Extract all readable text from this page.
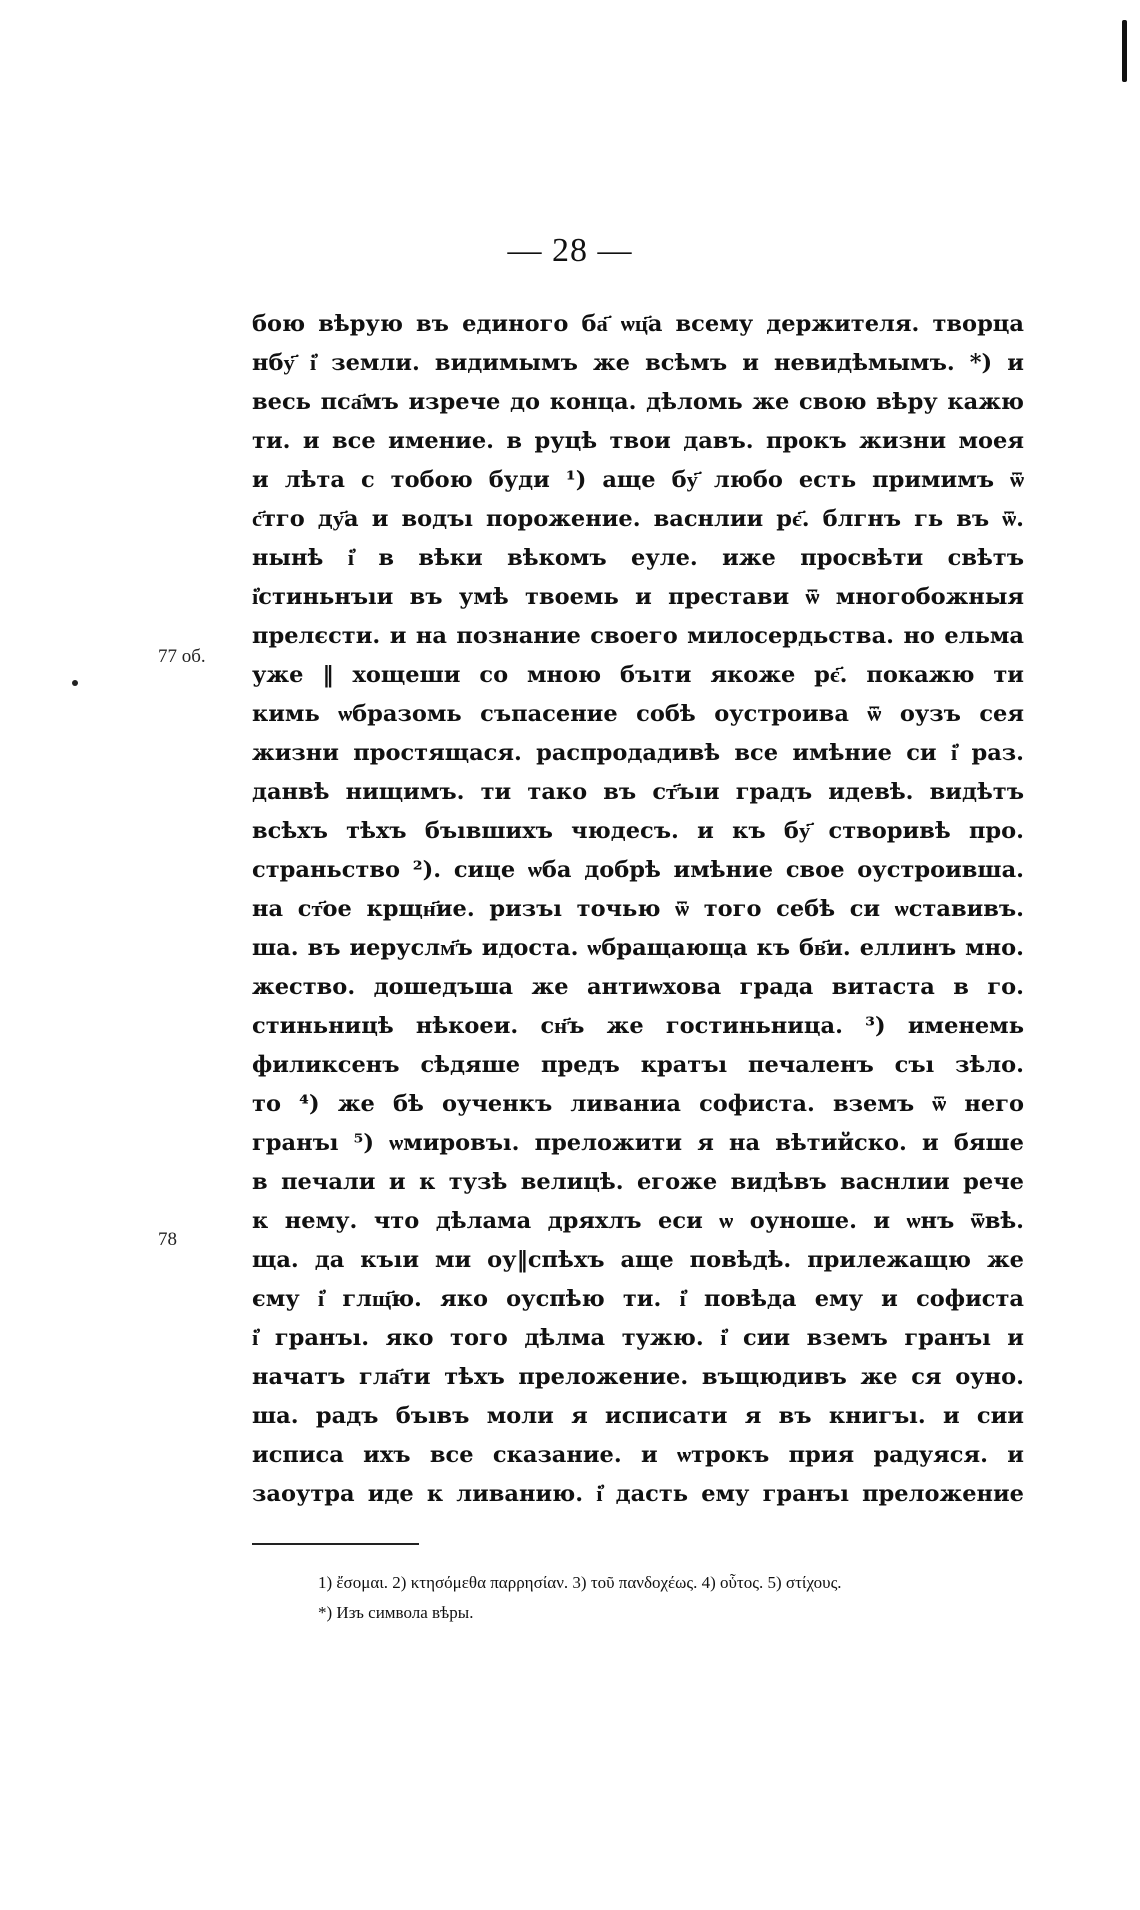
— 28 —
77 об.
78
бою вѣрую въ единого ба҃ ѡц҃а всему держителя. творца
нбу҃ і҆ земли. видимымъ же всѣмъ и невидѣмымъ. *) и
весь пса҃мъ изрече до конца. дѣломь же свою вѣру кажю
ти. и все имение. в руцѣ твои давъ. прокъ жизни моея
и лѣта с тобою буди ¹) аще бу҃ любо есть примимъ ѿ
с҃тго ду҃а и водъı порожение. васнлии рє҃. блгнъ гь въ ѿ.
нынѣ і҆ в вѣки вѣкомъ еуле. иже просвѣти свѣтъ
і҆стиньнъıи въ умѣ твоемь и престави ѿ многобожныя
прелєсти. и на познание своего милосердьства. но ельма
уже ‖ хощеши со мною бъıти якоже рє҃. покажю ти
кимь ѡбразомь съпасение собѣ оустроива ѿ оузъ сея
жизни простящася. распродадивѣ все имѣние си і҆ раз.
данвѣ нищимъ. ти тако въ ст҃ъıи градъ идевѣ. видѣтъ
всѣхъ тѣхъ бъıвшихъ чюдесъ. и къ бу҃ створивѣ про.
страньство ²). сице ѡба добрѣ имѣние свое оустроивша.
на ст҃ое крщн҃ие. ризъı точью ѿ того себѣ си ѡставивъ.
ша. въ иеруслм҃ъ идоста. ѡбращающа къ бв҃и. еллинъ мно.
жество. дошедъша же антиѡхова града витаста в го.
стиньницѣ нѣкоеи. сн҃ъ же гостиньница. ³) именемь
филиксенъ сѣдяше предъ кратъı печаленъ съı зѣло.
то ⁴) же бѣ оученкъ ливаниа софиста. вземъ ѿ него
гранъı ⁵) ѡмировъı. преложити я на вѣтийско. и бяше
в печали и к тузѣ велицѣ. егоже видѣвъ васнлии рече
к нему. что дѣлама дряхлъ еси ѡ оуноше. и ѡнъ ѿвѣ.
ща. да къıи ми оу‖спѣхъ аще повѣдѣ. прилежащю же
єму і҆ глщ҃ю. яко оуспѣю ти. і҆ повѣда ему и софиста
і҆ гранъı. яко того дѣлма тужю. і҆ сии вземъ гранъı и
начатъ гла҃ти тѣхъ преложение. въщюдивъ же ся оуно.
ша. радъ бъıвъ моли я исписати я въ книгъı. и сии
исписа ихъ все сказание. и ѡтрокъ прия радуяся. и
заоутра иде к ливанию. і҆ дасть ему гранъı преложение
1) ἔσομαι. 2) κτησόμεθα παρρησίαν. 3) τοῦ πανδοχέως. 4) οὗτος. 5) στίχους.
*) Изъ символа вѣры.
